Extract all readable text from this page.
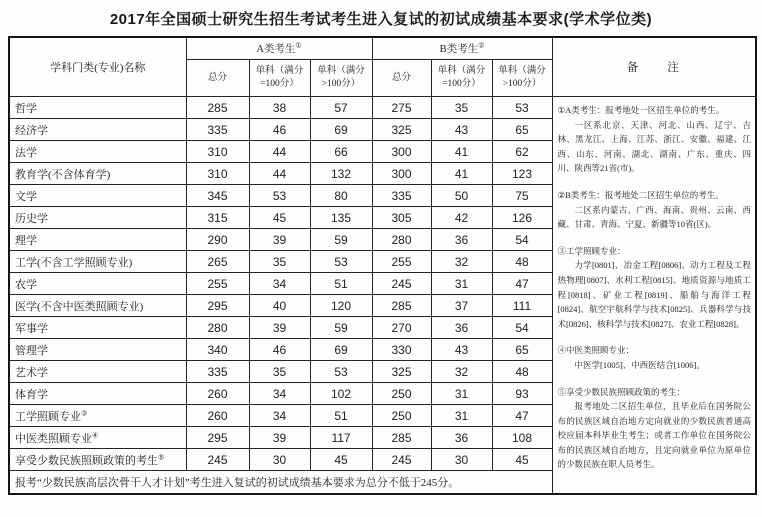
2017年全国硕士研究生招生考试考生进入复试的初试成绩基本要求(学术学位类)
学科门类(专业)名称	A类考生①			B类考生②			备　　注
	总分	单科（满分=100分）	单科（满分>100分）	总分	单科（满分=100分）	单科（满分>100分）	
哲学	285	38	57	275	35	53	①A类考生：报考地处一区招生单位的考生。

一区系北京、天津、河北、山西、辽宁、吉林、黑龙江、上海、江苏、浙江、安徽、福建、江西、山东、河南、湖北、湖南、广东、重庆、四川、陕西等21省(市)。

②B类考生：报考地处二区招生单位的考生。

二区系内蒙古、广西、海南、贵州、云南、西藏、甘肃、青海、宁夏、新疆等10省(区)。

③工学照顾专业：

力学[0801]、冶金工程[0806]、动力工程及工程热物理[0807]、水利工程[0815]、地质资源与地质工程[0818]、矿业工程[0819]、船舶与海洋工程[0824]、航空宇航科学与技术[0825]、兵器科学与技术[0826]、核科学与技术[0827]、农业工程[0828]。

④中医类照顾专业：

中医学[1005]、中西医结合[1006]。

⑤享受少数民族照顾政策的考生：

报考地处二区招生单位，且毕业后在国务院公布的民族区域自治地方定向就业的少数民族普通高校应届本科毕业生考生；或者工作单位在国务院公布的民族区域自治地方，且定向就业单位为原单位的少数民族在职人员考生。

经济学	335	46	69	325	43	65	
法学	310	44	66	300	41	62	
教育学(不含体育学)	310	44	132	300	41	123	
文学	345	53	80	335	50	75	
历史学	315	45	135	305	42	126	
理学	290	39	59	280	36	54	
工学(不含工学照顾专业)	265	35	53	255	32	48	
农学	255	34	51	245	31	47	
医学(不含中医类照顾专业)	295	40	120	285	37	111	
军事学	280	39	59	270	36	54	
管理学	340	46	69	330	43	65	
艺术学	335	35	53	325	32	48	
体育学	260	34	102	250	31	93	
工学照顾专业③	260	34	51	250	31	47	
中医类照顾专业④	295	39	117	285	36	108	
享受少数民族照顾政策的考生⑤	245	30	45	245	30	45	
报考“少数民族高层次骨干人才计划”考生进入复试的初试成绩基本要求为总分不低于245分。							
